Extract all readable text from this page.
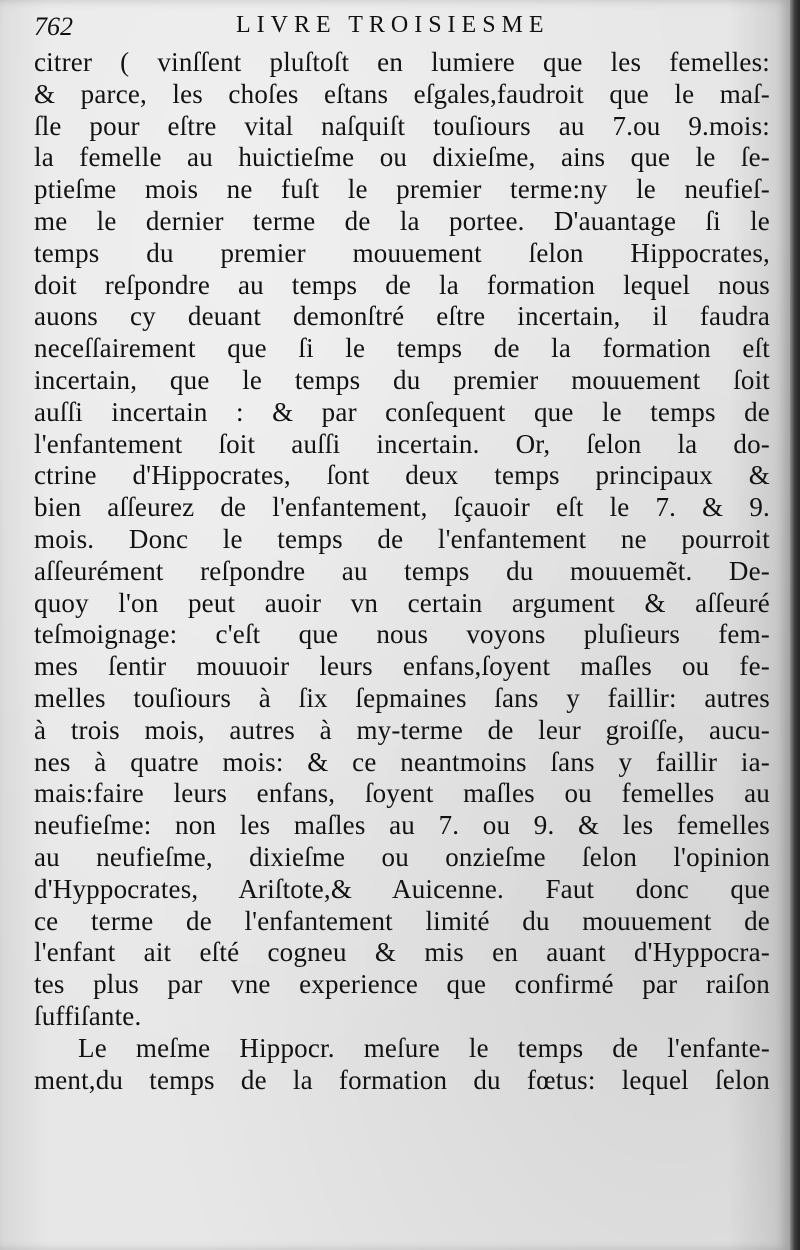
762	LIVRE TROISIESME
citrer ( vinſſent pluſtoſt en lumiere que les femelles:
& parce, les choſes eſtans eſgales,faudroit que le maſ-
ſle pour eſtre vital naſquiſt touſiours au 7.ou 9.mois:
la femelle au huictieſme ou dixieſme, ains que le ſe-
ptieſme mois ne fuſt le premier terme:ny le neufieſ-
me le dernier terme de la portee. D'auantage ſi le
temps du premier mouuement ſelon Hippocrates,
doit reſpondre au temps de la formation lequel nous
auons cy deuant demonſtré eſtre incertain, il faudra
neceſſairement que ſi le temps de la formation eſt
incertain, que le temps du premier mouuement ſoit
auſſi incertain : & par conſequent que le temps de
l'enfantement ſoit auſſi incertain. Or, ſelon la do-
ctrine d'Hippocrates, ſont deux temps principaux &
bien aſſeurez de l'enfantement, ſçauoir eſt le 7. & 9.
mois. Donc le temps de l'enfantement ne pourroit
aſſeurément reſpondre au temps du mouuemẽt. De-
quoy l'on peut auoir vn certain argument & aſſeuré
teſmoignage: c'eſt que nous voyons pluſieurs fem-
mes ſentir mouuoir leurs enfans,ſoyent maſles ou fe-
melles touſiours à ſix ſepmaines ſans y faillir: autres
à trois mois, autres à my-terme de leur groiſſe, aucu-
nes à quatre mois: & ce neantmoins ſans y faillir ia-
mais:faire leurs enfans, ſoyent maſles ou femelles au
neufieſme: non les maſles au 7. ou 9. & les femelles
au neufieſme, dixieſme ou onzieſme ſelon l'opinion
d'Hyppocrates, Ariſtote,& Auicenne. Faut donc que
ce terme de l'enfantement limité du mouuement de
l'enfant ait eſté cogneu & mis en auant d'Hyppocra-
tes plus par vne experience que confirmé par raiſon
ſuffiſante.
Le meſme Hippocr. meſure le temps de l'enfante-
ment,du temps de la formation du fœtus: lequel ſelon
